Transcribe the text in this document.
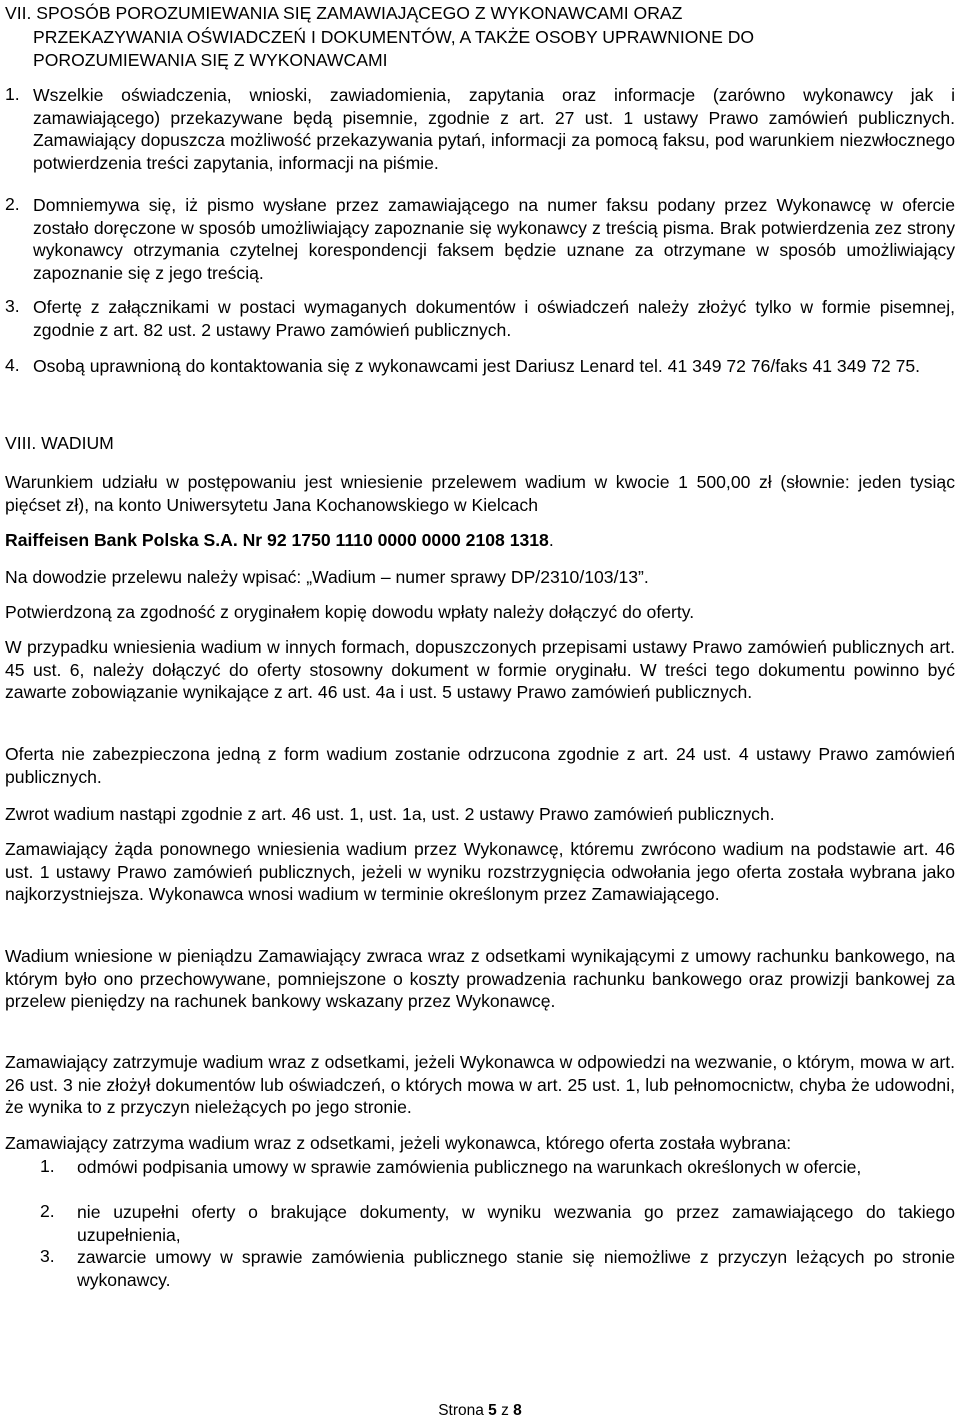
VII. SPOSÓB POROZUMIEWANIA SIĘ ZAMAWIAJĄCEGO Z WYKONAWCAMI ORAZ
PRZEKAZYWANIA OŚWIADCZEŃ I DOKUMENTÓW, A TAKŻE OSOBY UPRAWNIONE DO
POROZUMIEWANIA SIĘ Z WYKONAWCAMI
1. Wszelkie oświadczenia, wnioski, zawiadomienia, zapytania oraz informacje (zarówno wykonawcy jak i zamawiającego) przekazywane będą pisemnie, zgodnie z art. 27 ust. 1 ustawy Prawo zamówień publicznych. Zamawiający dopuszcza możliwość przekazywania pytań, informacji za pomocą faksu, pod warunkiem niezwłocznego potwierdzenia treści zapytania, informacji na piśmie.

2. Domniemywa się, iż pismo wysłane przez zamawiającego na numer faksu podany przez Wykonawcę w ofercie zostało doręczone w sposób umożliwiający zapoznanie się wykonawcy z treścią pisma. Brak potwierdzenia zez strony wykonawcy otrzymania czytelnej korespondencji faksem będzie uznane za otrzymane w sposób umożliwiający zapoznanie się z jego treścią.

3. Ofertę z załącznikami w postaci wymaganych dokumentów i oświadczeń należy złożyć tylko w formie pisemnej, zgodnie z art. 82 ust. 2 ustawy Prawo zamówień publicznych.

4. Osobą uprawnioną do kontaktowania się z wykonawcami jest Dariusz Lenard tel. 41 349 72 76/faks 41 349 72 75.

VIII. WADIUM

Warunkiem udziału w postępowaniu jest wniesienie przelewem wadium w kwocie 1 500,00 zł (słownie: jeden tysiąc pięćset zł), na konto Uniwersytetu Jana Kochanowskiego w Kielcach

Raiffeisen Bank Polska S.A. Nr 92 1750 1110 0000 0000 2108 1318.

Na dowodzie przelewu należy wpisać: „Wadium – numer sprawy DP/2310/103/13”.

Potwierdzoną za zgodność z oryginałem kopię dowodu wpłaty należy dołączyć do oferty.

W przypadku wniesienia wadium w innych formach, dopuszczonych przepisami ustawy Prawo zamówień publicznych art. 45 ust. 6, należy dołączyć do oferty stosowny dokument w formie oryginału. W treści tego dokumentu powinno być zawarte zobowiązanie wynikające z art. 46 ust. 4a i ust. 5 ustawy Prawo zamówień publicznych.

Oferta nie zabezpieczona jedną z form wadium zostanie odrzucona zgodnie z art. 24 ust. 4 ustawy Prawo zamówień publicznych.

Zwrot wadium nastąpi zgodnie z art. 46 ust. 1, ust. 1a, ust. 2 ustawy Prawo zamówień publicznych.

Zamawiający żąda ponownego wniesienia wadium przez Wykonawcę, któremu zwrócono wadium na podstawie art. 46 ust. 1 ustawy Prawo zamówień publicznych, jeżeli w wyniku rozstrzygnięcia odwołania jego oferta została wybrana jako najkorzystniejsza. Wykonawca wnosi wadium w terminie określonym przez Zamawiającego.

Wadium wniesione w pieniądzu Zamawiający zwraca wraz z odsetkami wynikającymi z umowy rachunku bankowego, na którym było ono przechowywane, pomniejszone o koszty prowadzenia rachunku bankowego oraz prowizji bankowej za przelew pieniędzy na rachunek bankowy wskazany przez Wykonawcę.

Zamawiający zatrzymuje wadium wraz z odsetkami, jeżeli Wykonawca w odpowiedzi na wezwanie, o którym, mowa w art. 26 ust. 3 nie złożył dokumentów lub oświadczeń, o których mowa w art. 25 ust. 1, lub pełnomocnictw, chyba że udowodni, że wynika to z przyczyn nieleżących po jego stronie.

Zamawiający zatrzyma wadium wraz z odsetkami, jeżeli wykonawca, którego oferta została wybrana:

1. odmówi podpisania umowy w sprawie zamówienia publicznego na warunkach określonych w ofercie,

2. nie uzupełni oferty o brakujące dokumenty, w wyniku wezwania go przez zamawiającego do takiego uzupełnienia,

3. zawarcie umowy w sprawie zamówienia publicznego stanie się niemożliwe z przyczyn leżących po stronie wykonawcy.

Strona 5 z 8
